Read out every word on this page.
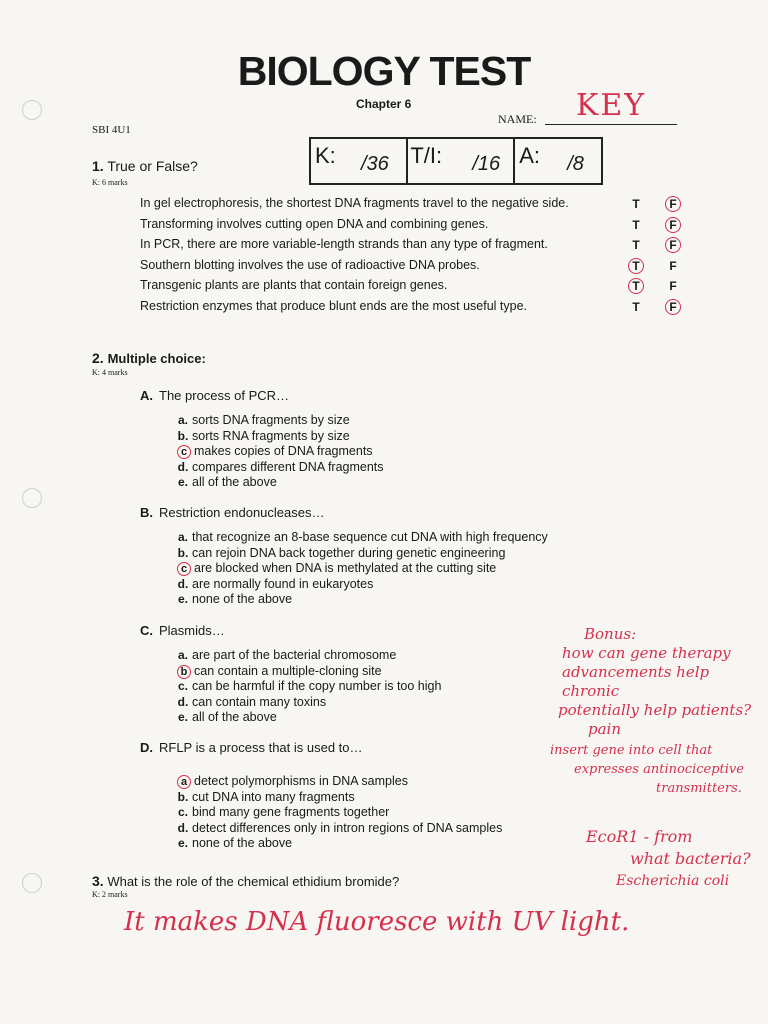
BIOLOGY TEST
Chapter 6
SBI 4U1
NAME: KEY
K: /36 T/I: /16 A: /8
1. True or False?
K: 6 marks
In gel electrophoresis, the shortest DNA fragments travel to the negative side.	T	F
Transforming involves cutting open DNA and combining genes.	T	F
In PCR, there are more variable-length strands than any type of fragment.	T	F
Southern blotting involves the use of radioactive DNA probes.	T	F
Transgenic plants are plants that contain foreign genes.	T	F
Restriction enzymes that produce blunt ends are the most useful type.	T	F
2. Multiple choice:
K: 4 marks
A. The process of PCR…
a. sorts DNA fragments by size
b. sorts RNA fragments by size
c makes copies of DNA fragments
d. compares different DNA fragments
e. all of the above
B. Restriction endonucleases…
a. that recognize an 8-base sequence cut DNA with high frequency
b. can rejoin DNA back together during genetic engineering
c are blocked when DNA is methylated at the cutting site
d. are normally found in eukaryotes
e. none of the above
C. Plasmids…
a. are part of the bacterial chromosome
b can contain a multiple-cloning site
c. can be harmful if the copy number is too high
d. can contain many toxins
e. all of the above
D. RFLP is a process that is used to…
a detect polymorphisms in DNA samples
b. cut DNA into many fragments
c. bind many gene fragments together
d. detect differences only in intron regions of DNA samples
e. none of the above
3. What is the role of the chemical ethidium bromide?
K: 2 marks
It makes DNA fluoresce with UV light.
Bonus:
how can gene therapy
advancements help chronic
potentially help patients?
pain
insert gene into cell that
expresses antinociceptive
transmitters.
EcoR1 - from
what bacteria?
Escherichia coli
